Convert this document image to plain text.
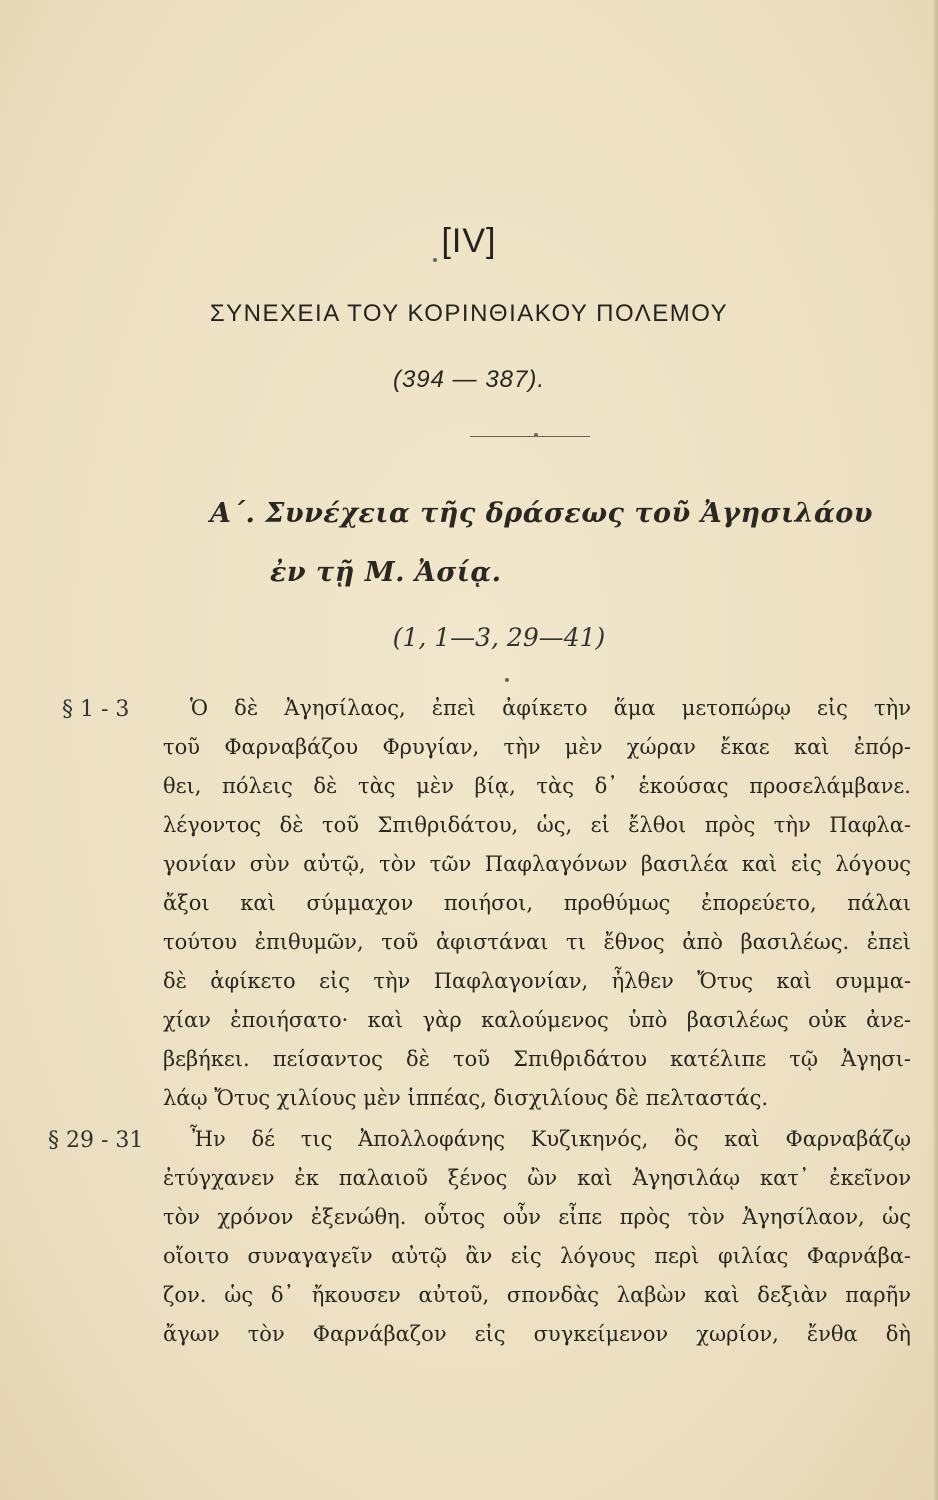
[IV]
ΣΥΝΕΧΕΙΑ ΤΟΥ ΚΟΡΙΝΘΙΑΚΟΥ ΠΟΛΕΜΟΥ
(394 — 387).
Α΄. Συνέχεια τῆς δράσεως τοῦ Ἀγησιλάου
ἐν τῇ Μ. Ἀσίᾳ.
(1, 1—3, 29—41)
§ 1 - 3
§ 29 - 31
Ὁ δὲ Ἀγησίλαος, ἐπεὶ ἀφίκετο ἅμα μετοπώρῳ εἰς τὴν
τοῦ Φαρναβάζου Φρυγίαν, τὴν μὲν χώραν ἔκαε καὶ ἐπόρ-
θει, πόλεις δὲ τὰς μὲν βίᾳ, τὰς δ᾿ ἑκούσας προσελάμβανε.
λέγοντος δὲ τοῦ Σπιθριδάτου, ὡς, εἰ ἔλθοι πρὸς τὴν Παφλα-
γονίαν σὺν αὐτῷ, τὸν τῶν Παφλαγόνων βασιλέα καὶ εἰς λόγους
ἄξοι καὶ σύμμαχον ποιήσοι, προθύμως ἐπορεύετο, πάλαι
τούτου ἐπιθυμῶν, τοῦ ἀφιστάναι τι ἔθνος ἀπὸ βασιλέως. ἐπεὶ
δὲ ἀφίκετο εἰς τὴν Παφλαγονίαν, ἦλθεν Ὄτυς καὶ συμμα-
χίαν ἐποιήσατο· καὶ γὰρ καλούμενος ὑπὸ βασιλέως οὐκ ἀνε-
βεβήκει. πείσαντος δὲ τοῦ Σπιθριδάτου κατέλιπε τῷ Ἀγησι-
λάῳ Ὄτυς χιλίους μὲν ἱππέας, δισχιλίους δὲ πελταστάς.
Ἦν δέ τις Ἀπολλοφάνης Κυζικηνός, ὃς καὶ Φαρναβάζῳ
ἐτύγχανεν ἐκ παλαιοῦ ξένος ὢν καὶ Ἀγησιλάῳ κατ᾿ ἐκεῖνον
τὸν χρόνον ἐξενώθη. οὗτος οὖν εἶπε πρὸς τὸν Ἀγησίλαον, ὡς
οἴοιτο συναγαγεῖν αὐτῷ ἂν εἰς λόγους περὶ φιλίας Φαρνάβα-
ζον. ὡς δ᾿ ἤκουσεν αὐτοῦ, σπονδὰς λαβὼν καὶ δεξιὰν παρῆν
ἄγων τὸν Φαρνάβαζον εἰς συγκείμενον χωρίον, ἔνθα δὴ
